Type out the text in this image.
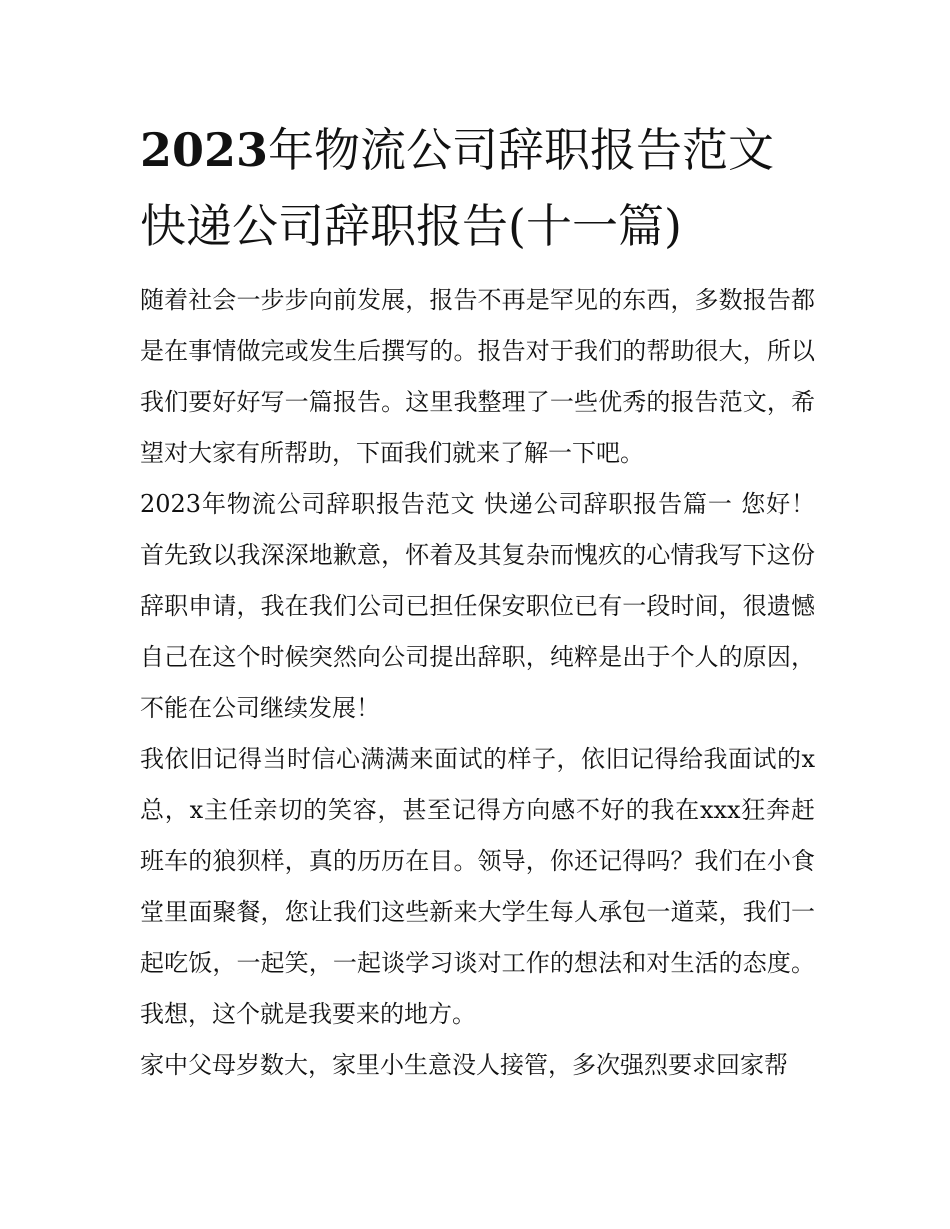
2023年物流公司辞职报告范文快递公司辞职报告(十一篇)

随着社会一步步向前发展，报告不再是罕见的东西，多数报告都是在事情做完或发生后撰写的。报告对于我们的帮助很大，所以我们要好好写一篇报告。这里我整理了一些优秀的报告范文，希望对大家有所帮助，下面我们就来了解一下吧。

2023年物流公司辞职报告范文 快递公司辞职报告篇一 您好！首先致以我深深地歉意，怀着及其复杂而愧疚的心情我写下这份辞职申请，我在我们公司已担任保安职位已有一段时间，很遗憾自己在这个时候突然向公司提出辞职，纯粹是出于个人的原因，不能在公司继续发展！

我依旧记得当时信心满满来面试的样子，依旧记得给我面试的x总，x主任亲切的笑容，甚至记得方向感不好的我在xxx狂奔赶班车的狼狈样，真的历历在目。领导，你还记得吗？我们在小食堂里面聚餐，您让我们这些新来大学生每人承包一道菜，我们一起吃饭，一起笑，一起谈学习谈对工作的想法和对生活的态度。我想，这个就是我要来的地方。

家中父母岁数大，家里小生意没人接管，多次强烈要求回家帮
